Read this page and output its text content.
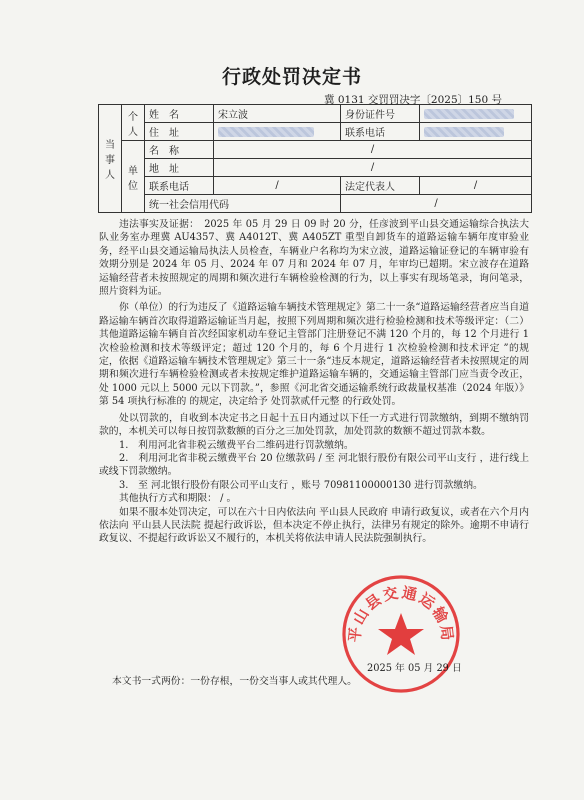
行政处罚决定书
冀 0131 交罚罚决字〔2025〕150 号
当事人	个人	姓　名	宋立波	身份证件号	
		住　址		联系电话	
	单位	名　称	/		
		地　址	/		
		联系电话	/	法定代表人	/
		统一社会信用代码		/	

违法事实及证据：　2025 年 05 月 29 日 09 时 20 分，任彦波到平山县交通运输综合执法大队业务室办理冀 AU4357、冀 A4012T、冀 A405ZT 重型自卸货车的道路运输车辆年度审验业务，经平山县交通运输局执法人员检查，车辆业户名称均为宋立波，道路运输证登记的车辆审验有效期分别是 2024 年 05 月、2024 年 07 月和 2024 年 07 月，年审均已超期。宋立波存在道路运输经营者未按照规定的周期和频次进行车辆检验检测的行为，以上事实有现场笔录，询问笔录，照片资料为证。

你（单位）的行为违反了《道路运输车辆技术管理规定》第二十一条“道路运输经营者应当自道路运输车辆首次取得道路运输证当月起，按照下列周期和频次进行检验检测和技术等级评定：（二）其他道路运输车辆自首次经国家机动车登记主管部门注册登记不满 120 个月的，每 12 个月进行 1 次检验检测和技术等级评定；超过 120 个月的，每 6 个月进行 1 次检验检测和技术评定 ”的规定，依据《道路运输车辆技术管理规定》第三十一条“违反本规定，道路运输经营者未按照规定的周期和频次进行车辆检验检测或者未按规定维护道路运输车辆的，交通运输主管部门应当责令改正，处 1000 元以上 5000 元以下罚款。”，参照《河北省交通运输系统行政裁量权基准（2024 年版）》第 54 项执行标准的 的规定，决定给予 处罚款贰仟元整 的行政处罚。

处以罚款的，自收到本决定书之日起十五日内通过以下任一方式进行罚款缴纳，到期不缴纳罚款的，本机关可以每日按罚款数额的百分之三加处罚款，加处罚款的数额不超过罚款本数。

1.　利用河北省非税云缴费平台二维码进行罚款缴纳。

2.　利用河北省非税云缴费平台 20 位缴款码 / 至 河北银行股份有限公司平山支行 ，进行线上或线下罚款缴纳。

3.　至 河北银行股份有限公司平山支行 ，账号 70981100000130 进行罚款缴纳。

其他执行方式和期限： / 。

如果不服本处罚决定，可以在六十日内依法向 平山县人民政府 申请行政复议，或者在六个月内依法向 平山县人民法院 提起行政诉讼，但本决定不停止执行，法律另有规定的除外。逾期不申请行政复议、不提起行政诉讼又不履行的，本机关将依法申请人民法院强制执行。

平山县交通运输局
2025 年 05 月 29 日
本文书一式两份：一份存根，一份交当事人或其代理人。
